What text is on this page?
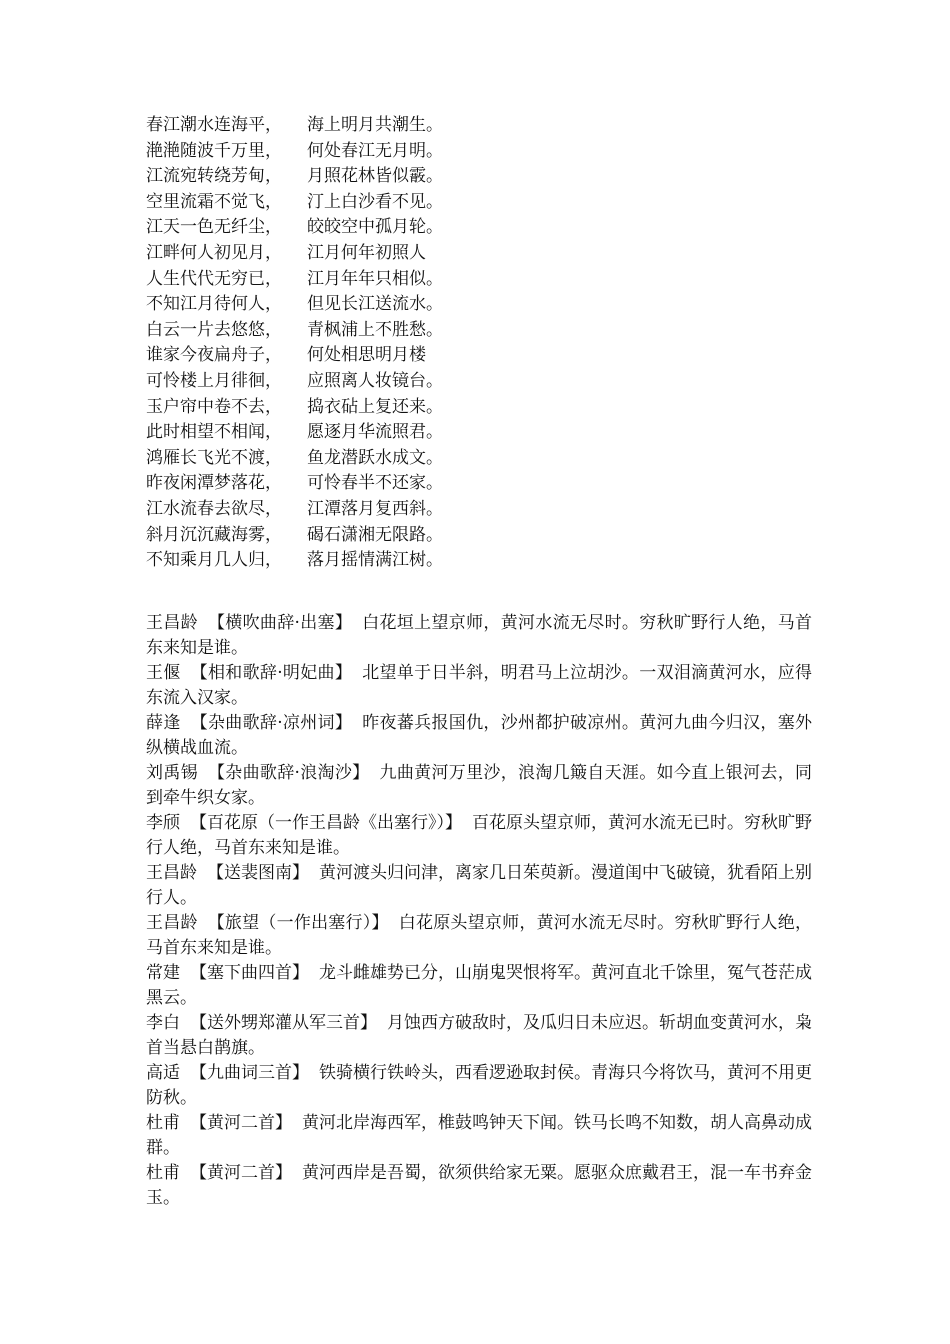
春江潮水连海平， 海上明月共潮生。
滟滟随波千万里， 何处春江无月明。
江流宛转绕芳甸， 月照花林皆似霰。
空里流霜不觉飞， 汀上白沙看不见。
江天一色无纤尘， 皎皎空中孤月轮。
江畔何人初见月， 江月何年初照人
人生代代无穷已， 江月年年只相似。
不知江月待何人， 但见长江送流水。
白云一片去悠悠， 青枫浦上不胜愁。
谁家今夜扁舟子， 何处相思明月楼
可怜楼上月徘徊， 应照离人妆镜台。
玉户帘中卷不去， 捣衣砧上复还来。
此时相望不相闻， 愿逐月华流照君。
鸿雁长飞光不渡， 鱼龙潜跃水成文。
昨夜闲潭梦落花， 可怜春半不还家。
江水流春去欲尽， 江潭落月复西斜。
斜月沉沉藏海雾， 碣石潇湘无限路。
不知乘月几人归， 落月摇情满江树。
王昌龄 【横吹曲辞·出塞】 白花垣上望京师，黄河水流无尽时。穷秋旷野行人绝，马首东来知是谁。
王偃 【相和歌辞·明妃曲】 北望单于日半斜，明君马上泣胡沙。一双泪滴黄河水，应得东流入汉家。
薛逢 【杂曲歌辞·凉州词】 昨夜蕃兵报国仇，沙州都护破凉州。黄河九曲今归汉，塞外纵横战血流。
刘禹锡 【杂曲歌辞·浪淘沙】 九曲黄河万里沙，浪淘几簸自天涯。如今直上银河去，同到牵牛织女家。
李颀 【百花原（一作王昌龄《出塞行》）】 百花原头望京师，黄河水流无已时。穷秋旷野行人绝，马首东来知是谁。
王昌龄 【送裴图南】 黄河渡头归问津，离家几日茱萸新。漫道闺中飞破镜，犹看陌上别行人。
王昌龄 【旅望（一作出塞行）】 白花原头望京师，黄河水流无尽时。穷秋旷野行人绝，马首东来知是谁。
常建 【塞下曲四首】 龙斗雌雄势已分，山崩鬼哭恨将军。黄河直北千馀里，冤气苍茫成黑云。
李白 【送外甥郑灌从军三首】 月蚀西方破敌时，及瓜归日未应迟。斩胡血变黄河水，枭首当悬白鹊旗。
高适 【九曲词三首】 铁骑横行铁岭头，西看逻逊取封侯。青海只今将饮马，黄河不用更防秋。
杜甫 【黄河二首】 黄河北岸海西军，椎鼓鸣钟天下闻。铁马长鸣不知数，胡人高鼻动成群。
杜甫 【黄河二首】 黄河西岸是吾蜀，欲须供给家无粟。愿驱众庶戴君王，混一车书弃金玉。
